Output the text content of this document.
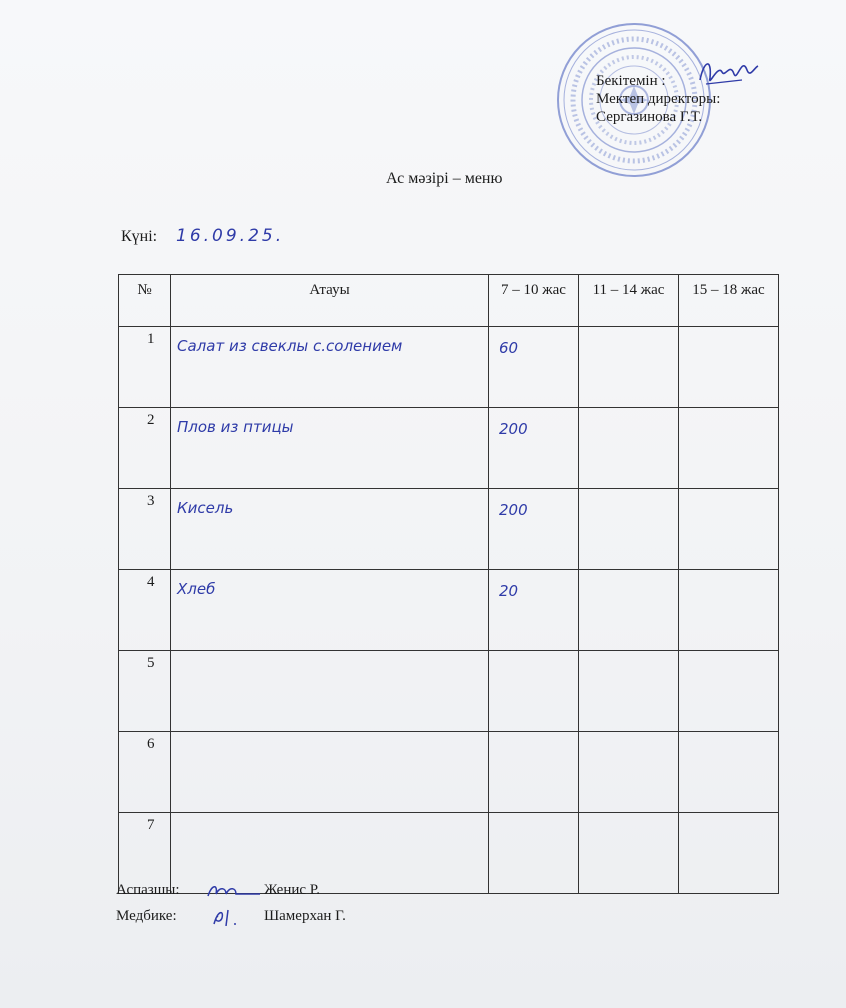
Бекітемін :
Мектеп директоры:
Сергазинова Г.Т.
Ас мәзірі – меню
Күні: 16.09.25.
№	Атауы	7 – 10 жас	11 – 14 жас	15 – 18 жас
1	Салат из свеклы с.солением	60		
2	Плов из птицы	200		
3	Кисель	200		
4	Хлеб	20		
5				
6				
7				
Аспазшы:	Женис Р.
Медбике:	Шамерхан Г.
